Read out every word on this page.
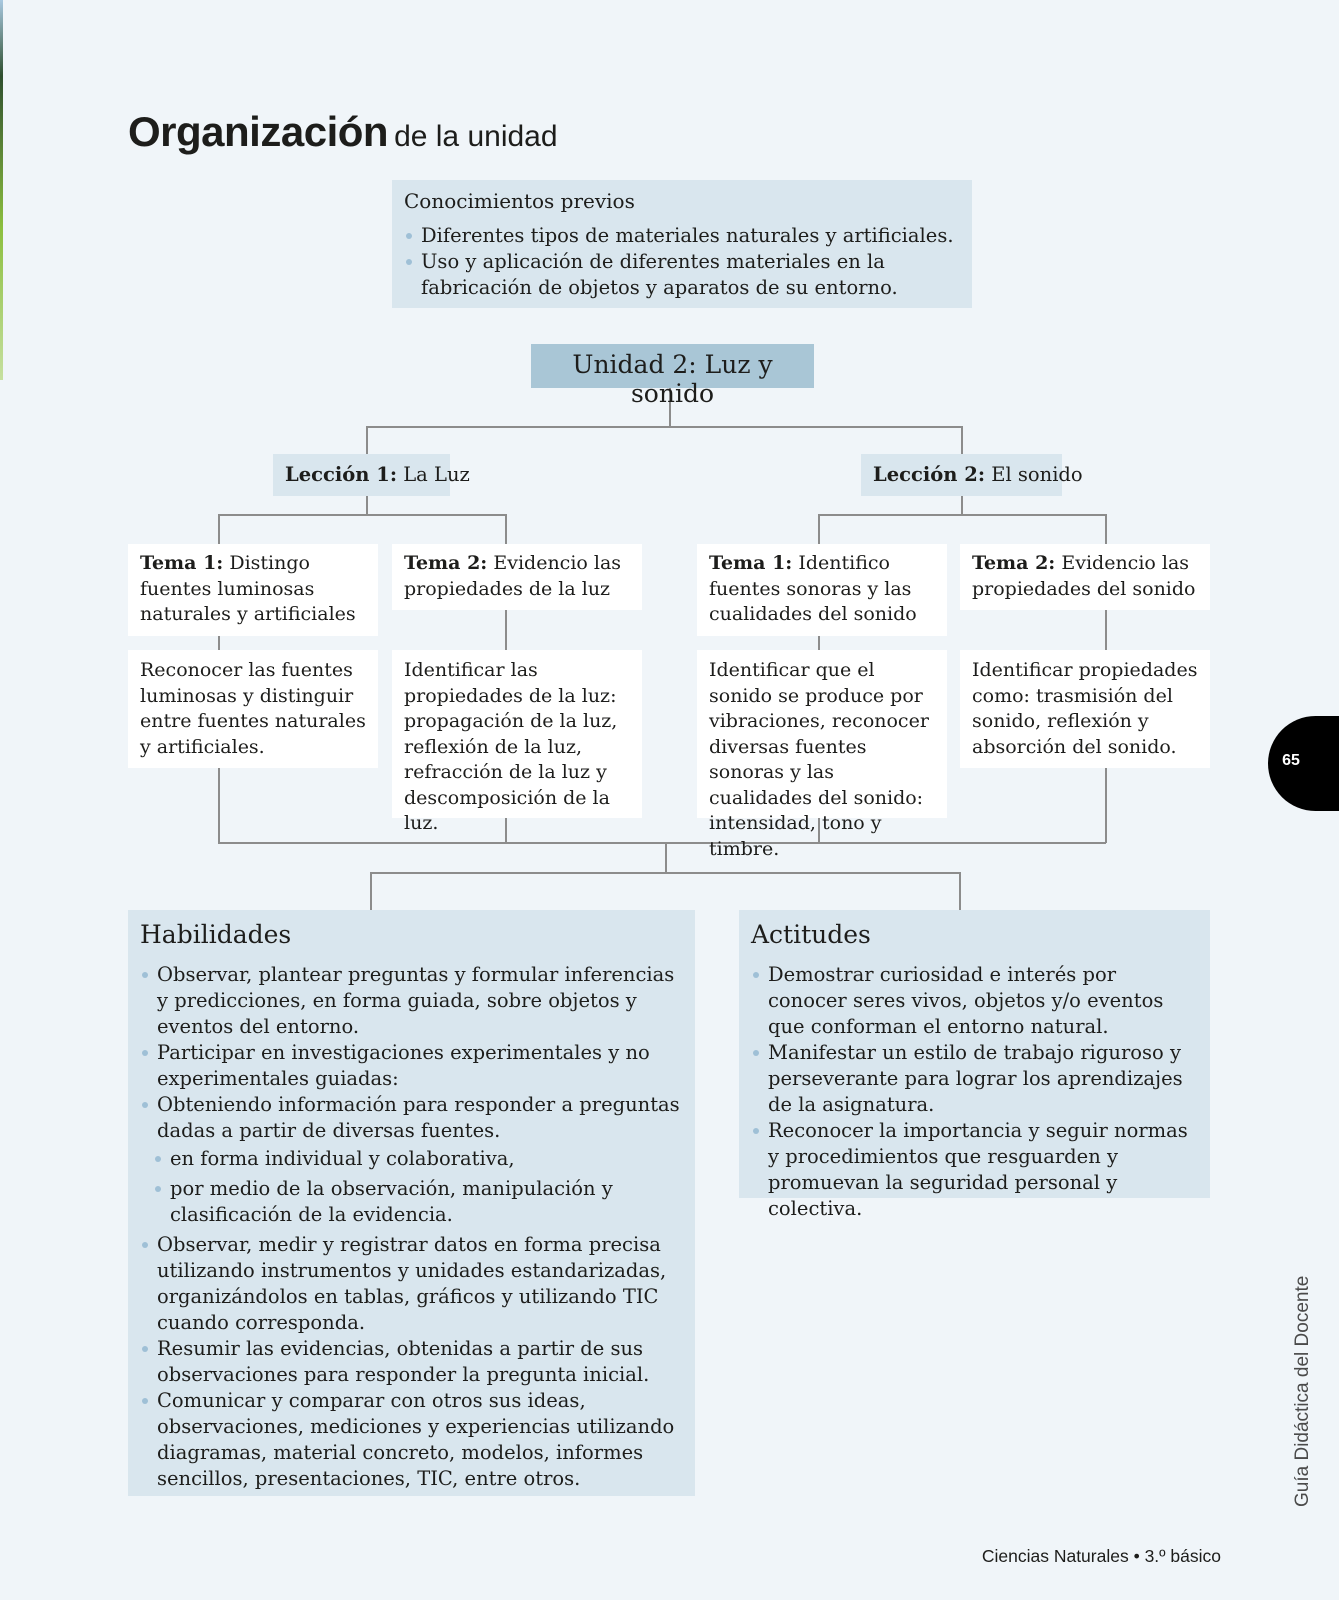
Organización de la unidad
Conocimientos previos
Diferentes tipos de materiales naturales y artificiales.
Uso y aplicación de diferentes materiales en la fabricación de objetos y aparatos de su entorno.
Unidad 2: Luz y sonido
Lección 1: La Luz	Lección 2: El sonido
Tema 1: Distingo fuentes luminosas naturales y artificiales
Tema 2: Evidencio las propiedades de la luz
Tema 1: Identifico fuentes sonoras y las cualidades del sonido
Tema 2: Evidencio las propiedades del sonido
Reconocer las fuentes luminosas y distinguir entre fuentes naturales y artificiales.
Identificar las propiedades de la luz: propagación de la luz, reflexión de la luz, refracción de la luz y descomposición de la luz.
Identificar que el sonido se produce por vibraciones, reconocer diversas fuentes sonoras y las cualidades del sonido: intensidad, tono y timbre.
Identificar propiedades como: trasmisión del sonido, reflexión y absorción del sonido.
Habilidades
Observar, plantear preguntas y formular inferencias y predicciones, en forma guiada, sobre objetos y eventos del entorno.
Participar en investigaciones experimentales y no experimentales guiadas:
Obteniendo información para responder a preguntas dadas a partir de diversas fuentes.
en forma individual y colaborativa,
por medio de la observación, manipulación y clasificación de la evidencia.
Observar, medir y registrar datos en forma precisa utilizando instrumentos y unidades estandarizadas, organizándolos en tablas, gráficos y utilizando TIC cuando corresponda.
Resumir las evidencias, obtenidas a partir de sus observaciones para responder la pregunta inicial.
Comunicar y comparar con otros sus ideas, observaciones, mediciones y experiencias utilizando diagramas, material concreto, modelos, informes sencillos, presentaciones, TIC, entre otros.
Actitudes
Demostrar curiosidad e interés por conocer seres vivos, objetos y/o eventos que conforman el entorno natural.
Manifestar un estilo de trabajo riguroso y perseverante para lograr los aprendizajes de la asignatura.
Reconocer la importancia y seguir normas y procedimientos que resguarden y promuevan la seguridad personal y colectiva.
65
Guía Didáctica del Docente
Ciencias Naturales • 3.º básico
